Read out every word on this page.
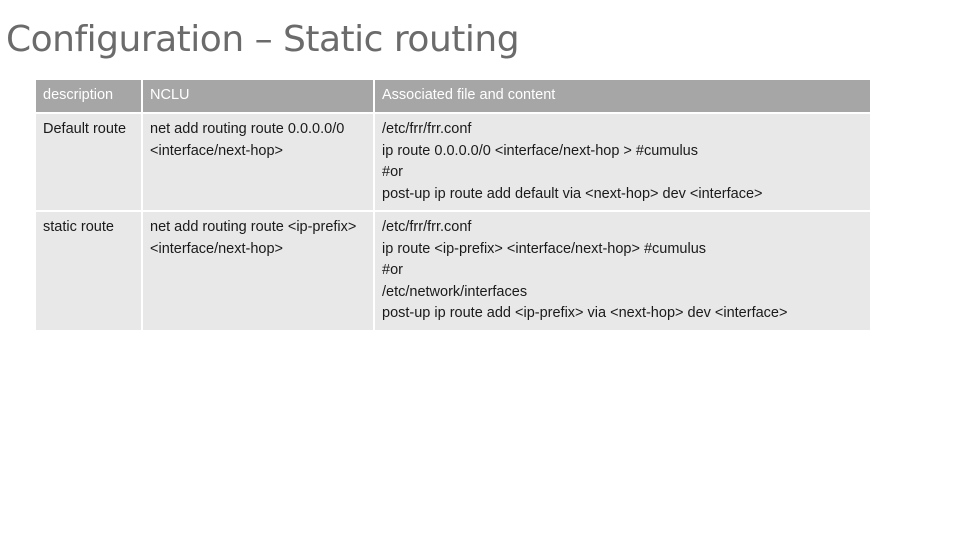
Configuration – Static routing
description	NCLU	Associated file and content
Default route	net add routing route 0.0.0.0/0 <interface/next-hop>	/etc/frr/frr.conf
ip route 0.0.0.0/0 <interface/next-hop > #cumulus
#or
post-up ip route add default via <next-hop> dev <interface>

static route	net add routing route <ip-prefix> <interface/next-hop>	/etc/frr/frr.conf
ip route <ip-prefix> <interface/next-hop> #cumulus
#or
/etc/network/interfaces
post-up ip route add <ip-prefix> via <next-hop> dev <interface>
